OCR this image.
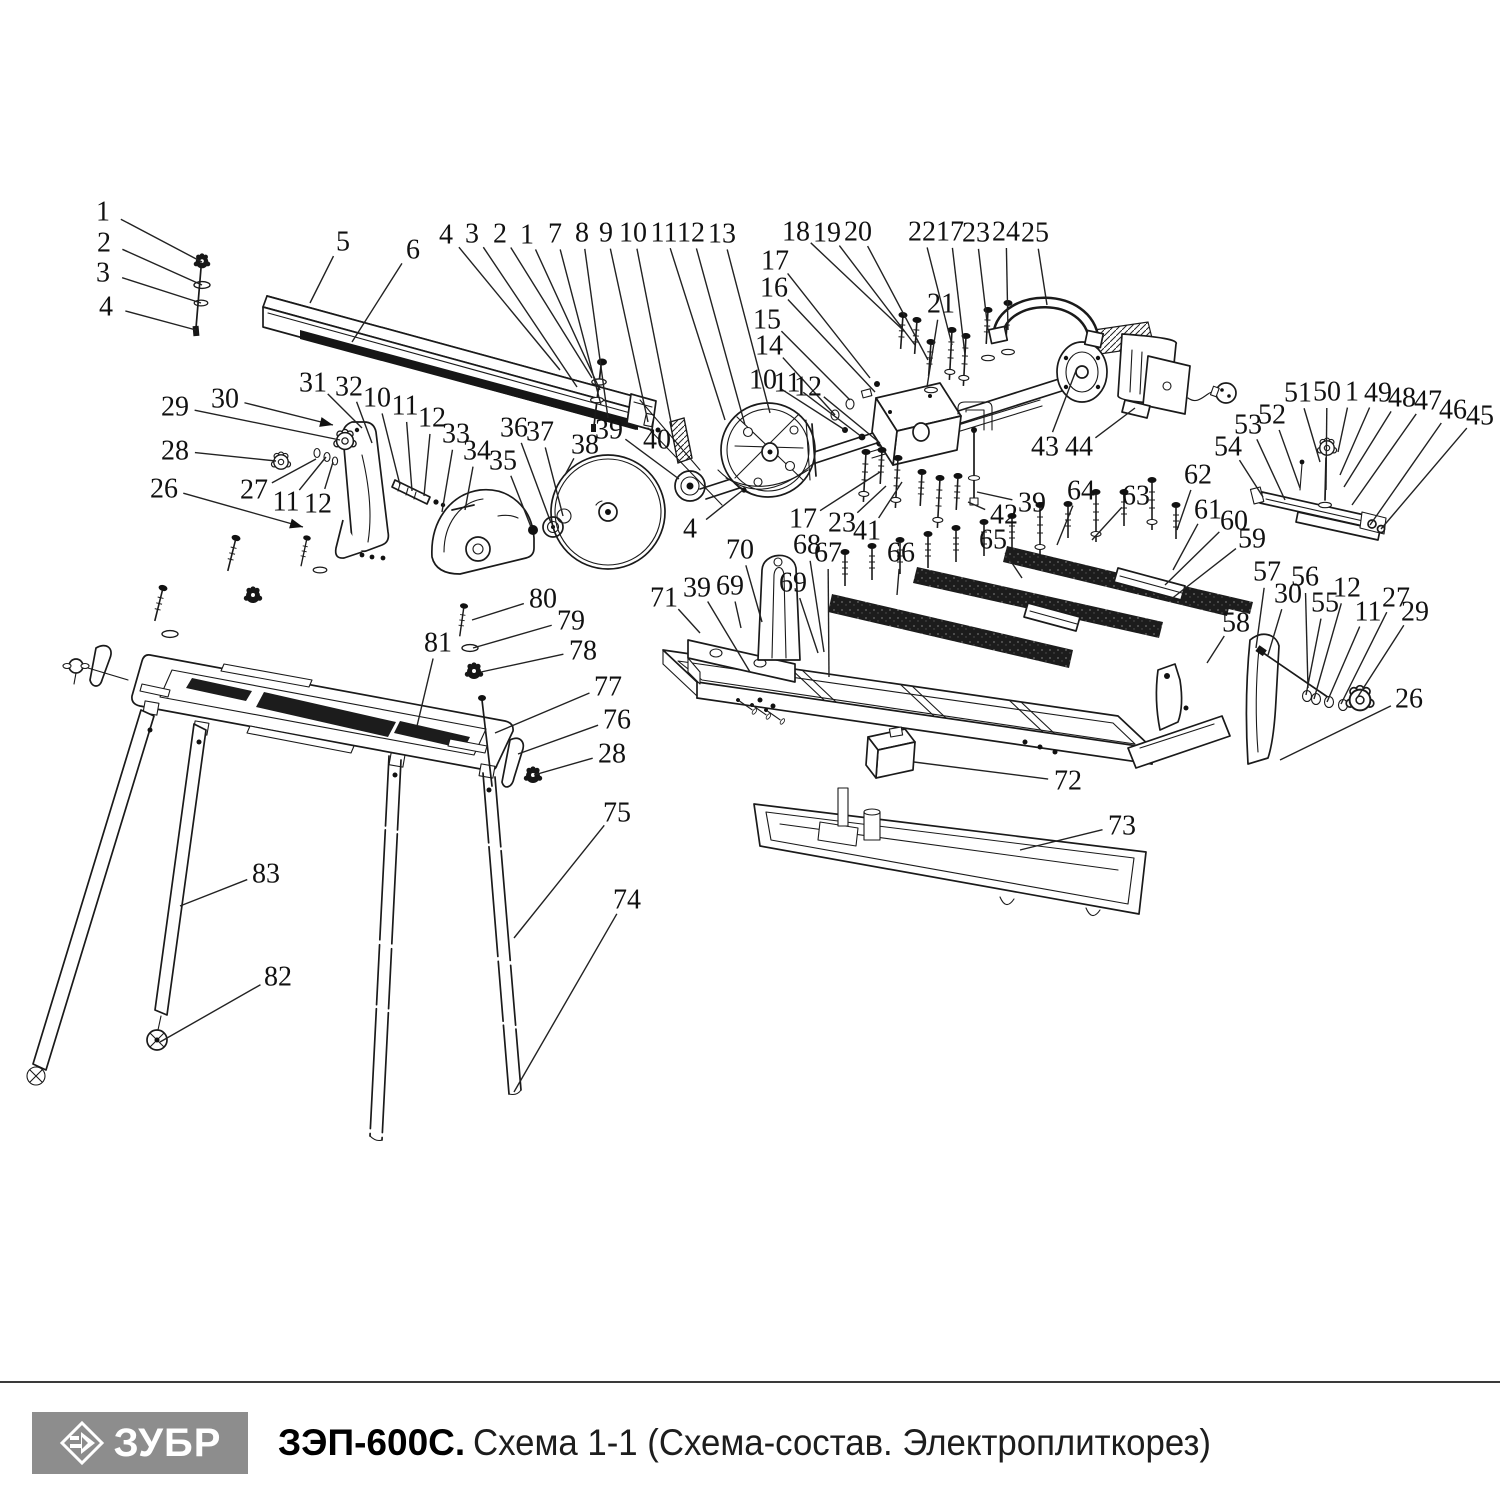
1
2
3
4
5 6 4 3 2 1 7 8 9 10 11 12 13 18 19 20 22 17
23 24 25
21
17
16
15
14
10
11
12
43 44
51 50 1 49
48
47
46 45
52
53
54
62
61
60
59
63
64
39
42
65
66
17 23
41
4
68
67
70
69
39
71	69	57 56
30 55
12
11 27
29
26
58
29 30
31 32 10 11 12
33
34
35
36
37 38
39 40
28
26 27 11 12
80
79
78
77
76
28
75
74
83
82
81
72
73
ЗУБР ЗЭП-600С. Схема 1-1 (Схема-состав. Электроплиткорез)
